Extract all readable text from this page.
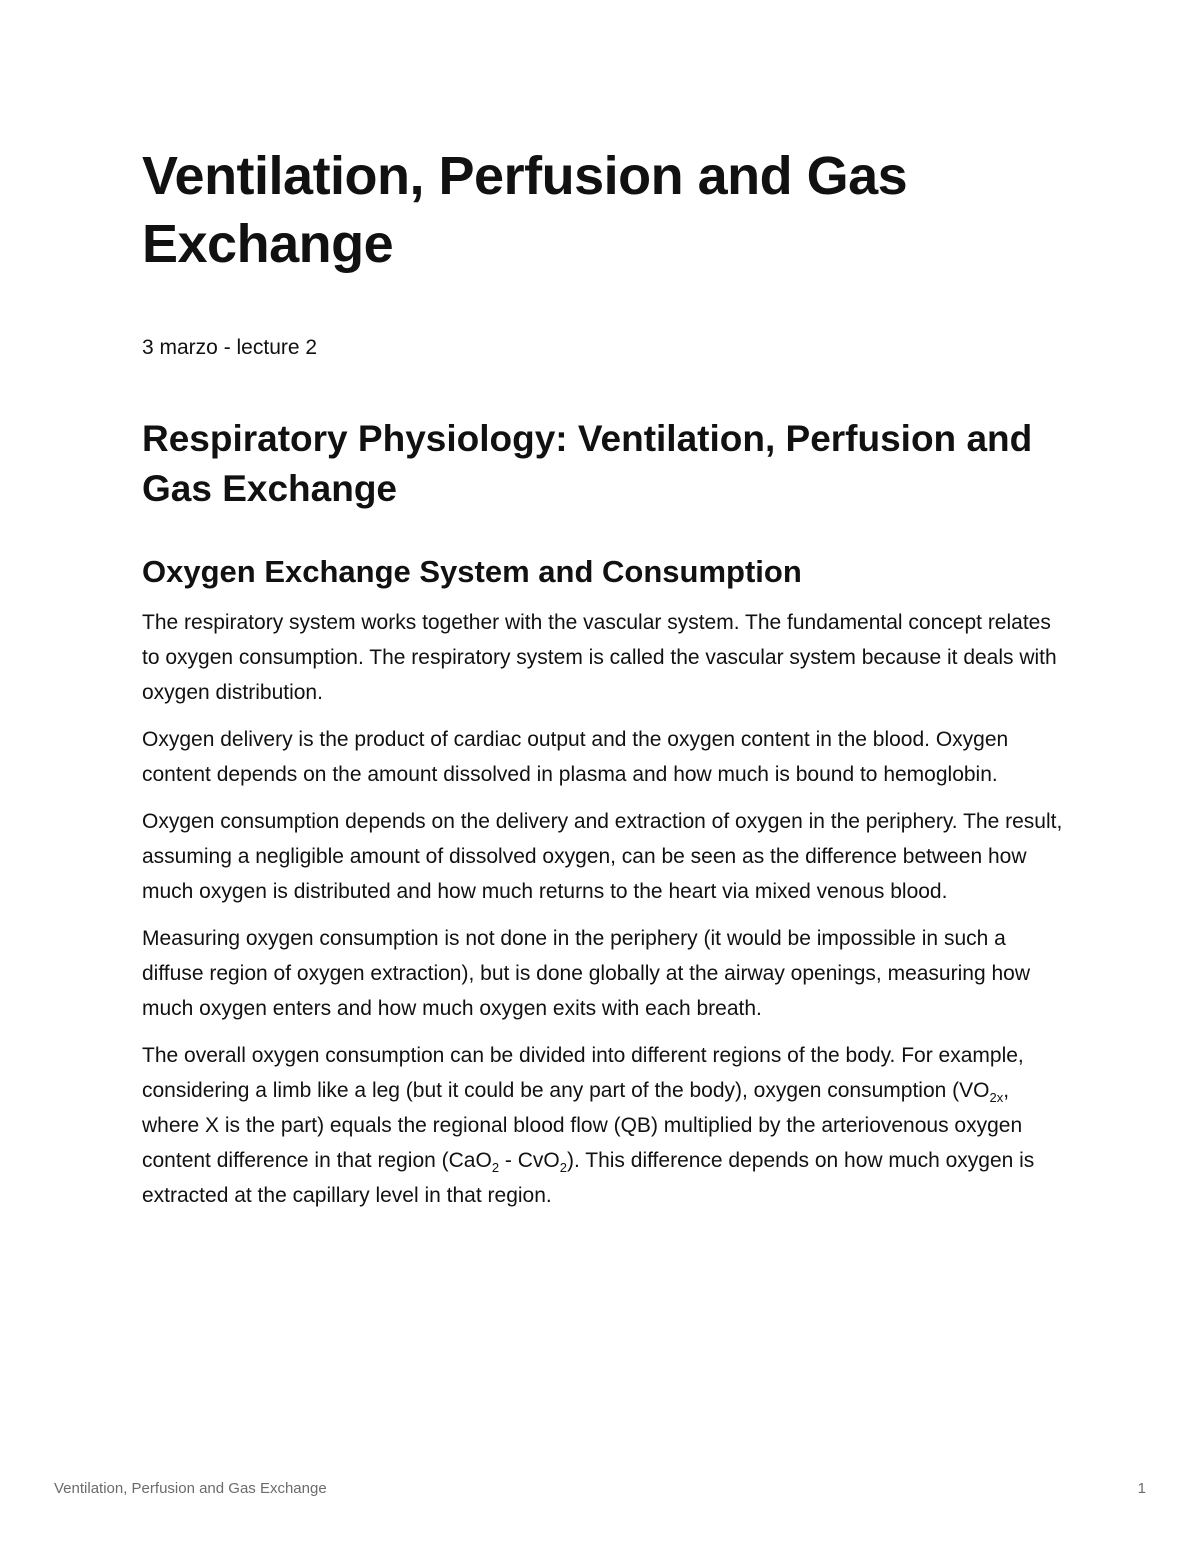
Ventilation, Perfusion and Gas Exchange
3 marzo - lecture 2
Respiratory Physiology: Ventilation, Perfusion and Gas Exchange
Oxygen Exchange System and Consumption

The respiratory system works together with the vascular system. The fundamental concept relates to oxygen consumption. The respiratory system is called the vascular system because it deals with oxygen distribution.

Oxygen delivery is the product of cardiac output and the oxygen content in the blood. Oxygen content depends on the amount dissolved in plasma and how much is bound to hemoglobin.

Oxygen consumption depends on the delivery and extraction of oxygen in the periphery. The result, assuming a negligible amount of dissolved oxygen, can be seen as the difference between how much oxygen is distributed and how much returns to the heart via mixed venous blood.

Measuring oxygen consumption is not done in the periphery (it would be impossible in such a diffuse region of oxygen extraction), but is done globally at the airway openings, measuring how much oxygen enters and how much oxygen exits with each breath.

The overall oxygen consumption can be divided into different regions of the body. For example, considering a limb like a leg (but it could be any part of the body), oxygen consumption ($VO_{2x}$, where X is the part) equals the regional blood flow (QB) multiplied by the arteriovenous oxygen content difference in that region (CaO$_2$ - CvO$_2$). This difference depends on how much oxygen is extracted at the capillary level in that region.

Ventilation, Perfusion and Gas Exchange	1
